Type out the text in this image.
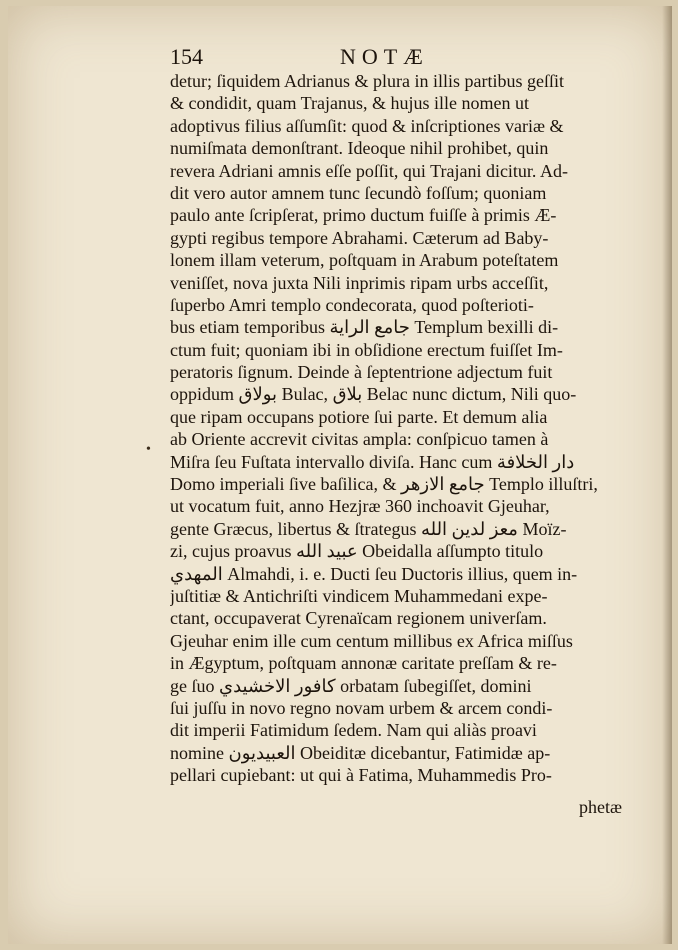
154	NOTÆ
•
detur; ſiquidem Adrianus & plura in illis partibus geſſit
& condidit, quam Trajanus, & hujus ille nomen ut
adoptivus filius aſſumſit: quod & inſcriptiones variæ &
numiſmata demonſtrant. Ideoque nihil prohibet, quin
revera Adriani amnis eſſe poſſit, qui Trajani dicitur. Ad-
dit vero autor amnem tunc ſecundò foſſum; quoniam
paulo ante ſcripſerat, primo ductum fuiſſe à primis Æ-
gypti regibus tempore Abrahami. Cæterum ad Baby-
lonem illam veterum, poſtquam in Arabum poteſtatem
veniſſet, nova juxta Nili inprimis ripam urbs acceſſit,
ſuperbo Amri templo condecorata, quod poſterioti-
bus etiam temporibus جامع الراية Templum bexilli di-
ctum fuit; quoniam ibi in obſidione erectum fuiſſet Im-
peratoris ſignum. Deinde à ſeptentrione adjectum fuit
oppidum بولاق Bulac, بلاق Belac nunc dictum, Nili quo-
que ripam occupans potiore ſui parte. Et demum alia
ab Oriente accrevit civitas ampla: conſpicuo tamen à
Miſra ſeu Fuſtata intervallo diviſa. Hanc cum دار الخلافة
Domo imperiali ſive baſilica, & جامع الازهر Templo illuſtri,
ut vocatum fuit, anno Hezjræ 360 inchoavit Gjeuhar,
gente Græcus, libertus & ſtrategus معز لدين الله Moïz-
zi, cujus proavus عبيد الله Obeidalla aſſumpto titulo
المهدي Almahdi, i. e. Ducti ſeu Ductoris illius, quem in-
juſtitiæ & Antichriſti vindicem Muhammedani expe-
ctant, occupaverat Cyrenaïcam regionem univerſam.
Gjeuhar enim ille cum centum millibus ex Africa miſſus
in Ægyptum, poſtquam annonæ caritate preſſam & re-
ge ſuo كافور الاخشيدي orbatam ſubegiſſet, domini
ſui juſſu in novo regno novam urbem & arcem condi-
dit imperii Fatimidum ſedem. Nam qui aliàs proavi
nomine العبيديون Obeiditæ dicebantur, Fatimidæ ap-
pellari cupiebant: ut qui à Fatima, Muhammedis Pro-
phetæ
